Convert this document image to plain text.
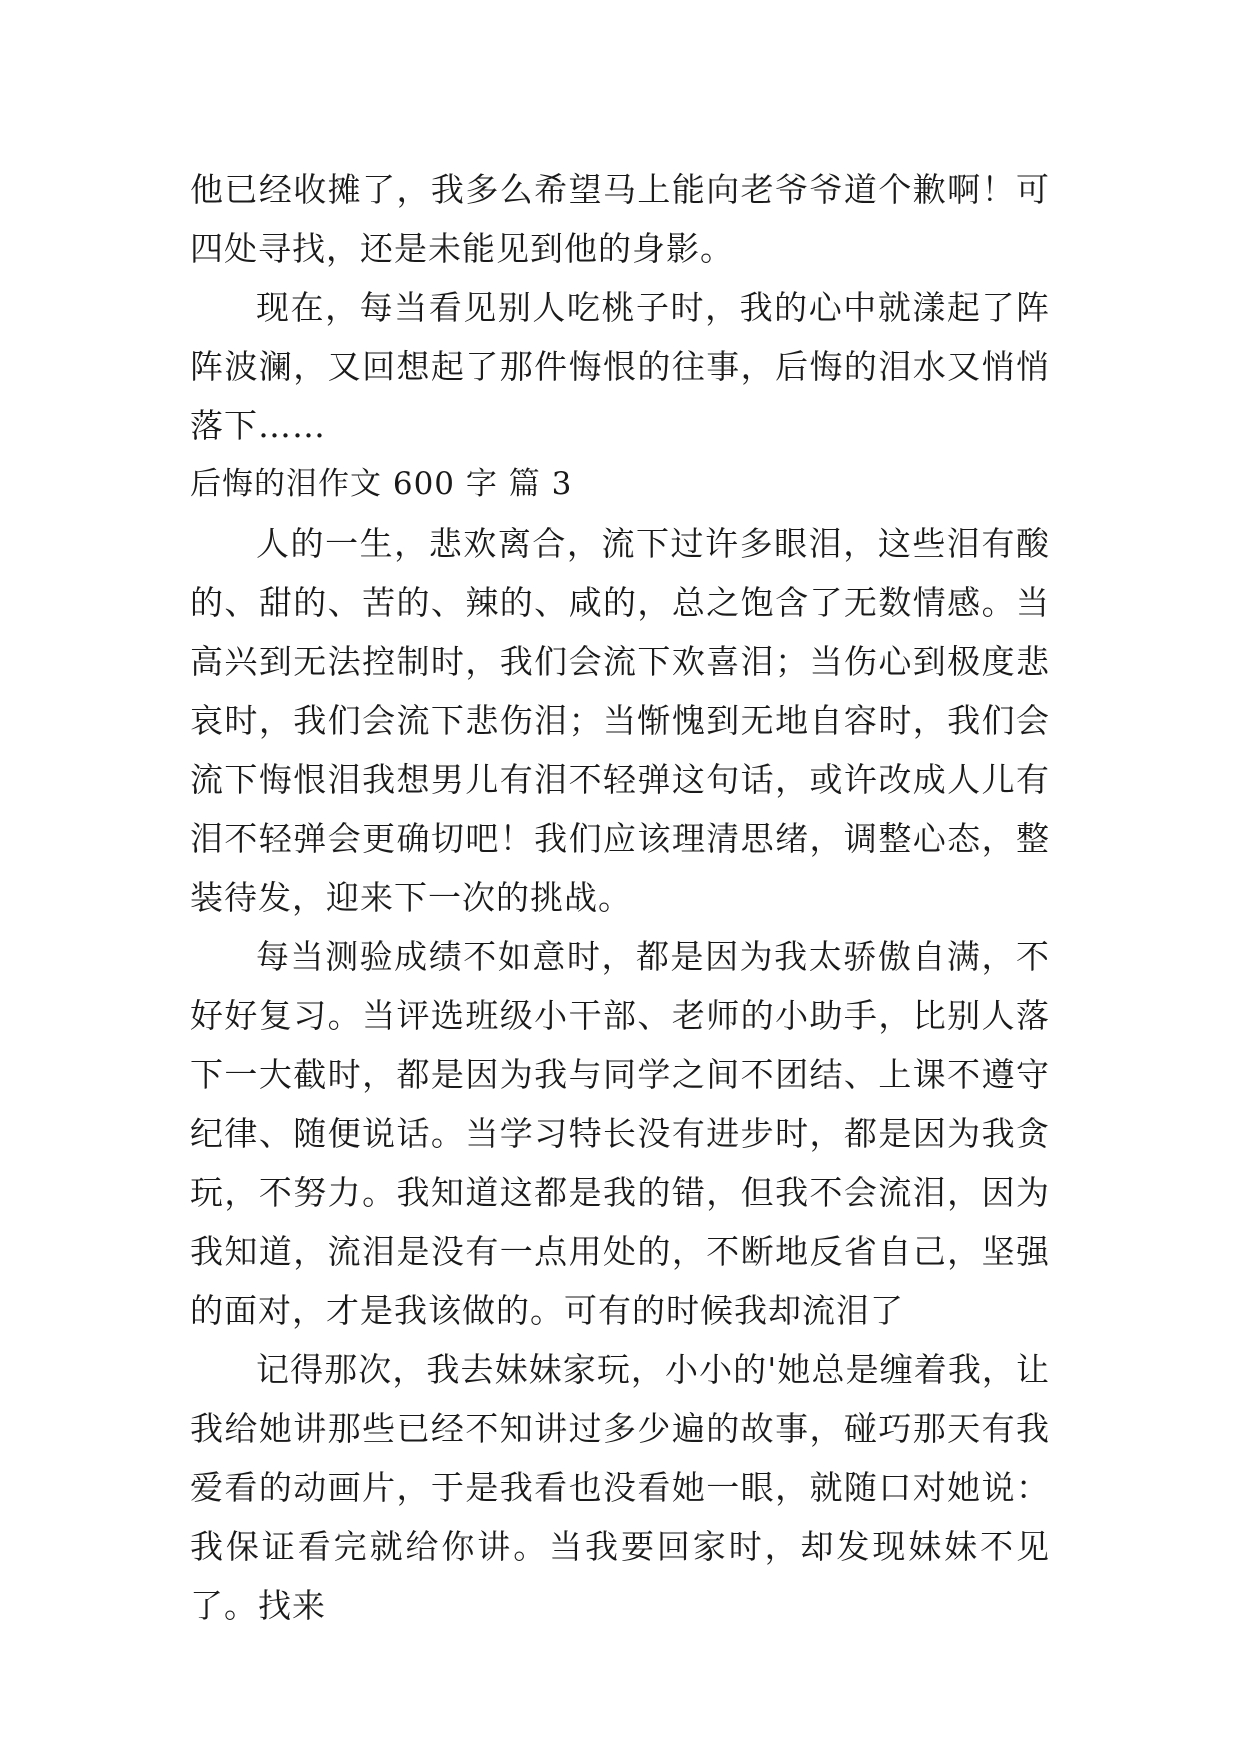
他已经收摊了，我多么希望马上能向老爷爷道个歉啊！可四处寻找，还是未能见到他的身影。

现在，每当看见别人吃桃子时，我的心中就漾起了阵阵波澜，又回想起了那件悔恨的往事，后悔的泪水又悄悄落下……

后悔的泪作文 600 字 篇 3

人的一生，悲欢离合，流下过许多眼泪，这些泪有酸的、甜的、苦的、辣的、咸的，总之饱含了无数情感。当高兴到无法控制时，我们会流下欢喜泪；当伤心到极度悲哀时，我们会流下悲伤泪；当惭愧到无地自容时，我们会流下悔恨泪我想男儿有泪不轻弹这句话，或许改成人儿有泪不轻弹会更确切吧！我们应该理清思绪，调整心态，整装待发，迎来下一次的挑战。

每当测验成绩不如意时，都是因为我太骄傲自满，不好好复习。当评选班级小干部、老师的小助手，比别人落下一大截时，都是因为我与同学之间不团结、上课不遵守纪律、随便说话。当学习特长没有进步时，都是因为我贪玩，不努力。我知道这都是我的错，但我不会流泪，因为我知道，流泪是没有一点用处的，不断地反省自己，坚强的面对，才是我该做的。可有的时候我却流泪了

记得那次，我去妹妹家玩，小小的'她总是缠着我，让我给她讲那些已经不知讲过多少遍的故事，碰巧那天有我爱看的动画片，于是我看也没看她一眼，就随口对她说：我保证看完就给你讲。当我要回家时，却发现妹妹不见了。找来
